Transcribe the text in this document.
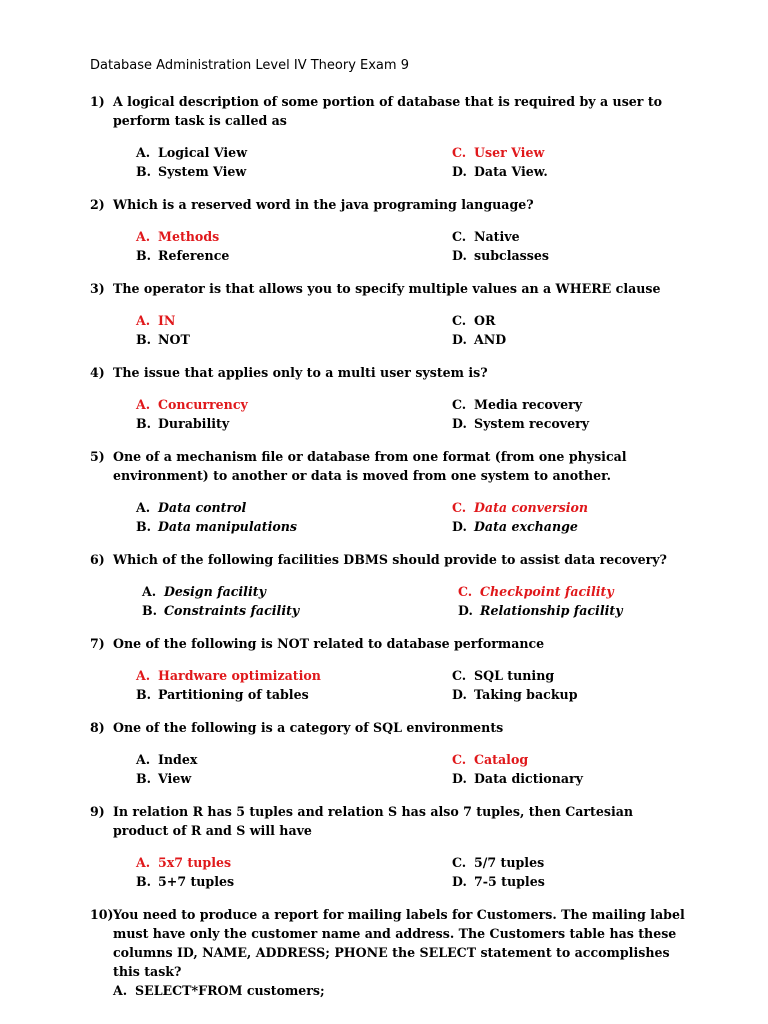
Database Administration Level IV Theory Exam 9
1) A logical description of some portion of database that is required by a user to perform task is called as
A. Logical View	C. User View
B. System View	D. Data View.
2) Which is a reserved word in the java programing language?
A. Methods	C. Native
B. Reference	D. subclasses
3) The operator is that allows you to specify multiple values an a WHERE clause
A. IN	C. OR
B. NOT	D. AND
4) The issue that applies only to a multi user system is?
A. Concurrency	C. Media recovery
B. Durability	D. System recovery
5) One of a mechanism file or database from one format (from one physical environment) to another or data is moved from one system to another.
A. Data control	C. Data conversion
B. Data manipulations	D. Data exchange
6) Which of the following facilities DBMS should provide to assist data recovery?
A. Design facility	C. Checkpoint facility
B. Constraints facility	D. Relationship facility
7) One of the following is NOT related to database performance
A. Hardware optimization	C. SQL tuning
B. Partitioning of tables	D. Taking backup
8) One of the following is a category of SQL environments
A. Index	C. Catalog
B. View	D. Data dictionary
9) In relation R has 5 tuples and relation S has also 7 tuples, then Cartesian product of R and S will have
A. 5x7 tuples	C. 5/7 tuples
B. 5+7 tuples	D. 7-5 tuples
10) You need to produce a report for mailing labels for Customers. The mailing label must have only the customer name and address. The Customers table has these columns ID, NAME, ADDRESS; PHONE the SELECT statement to accomplishes this task?
A. SELECT*FROM customers;
